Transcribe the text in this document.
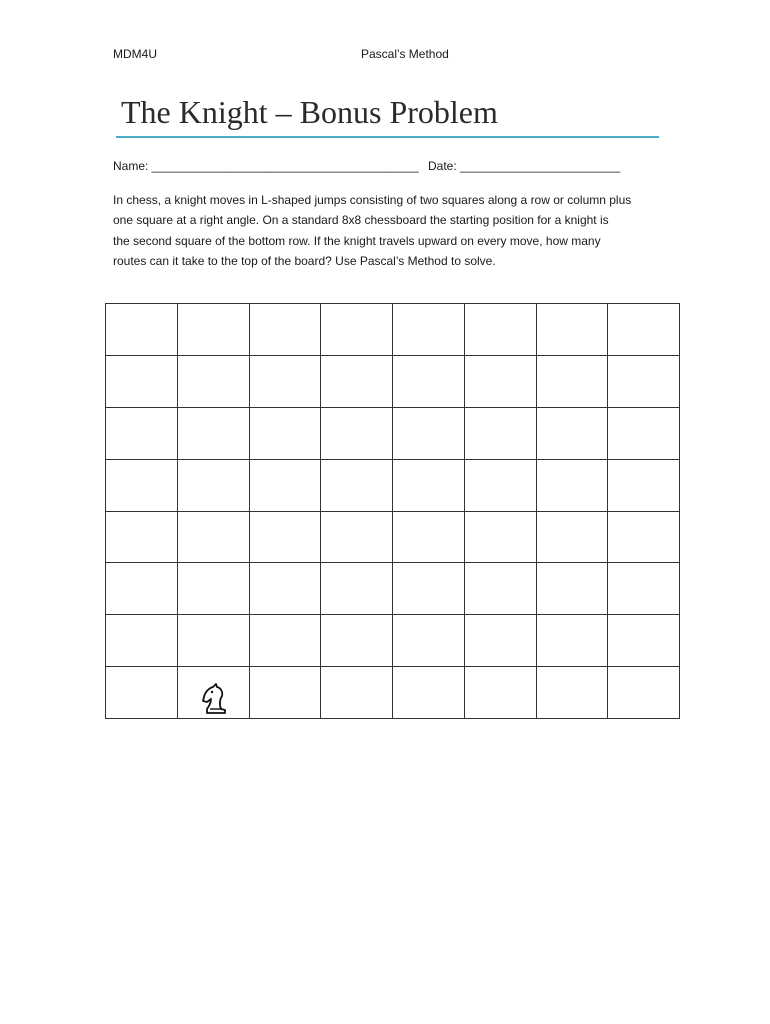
MDM4U	Pascal’s Method
The Knight – Bonus Problem
Name: ________________________________________ Date: ________________________
In chess, a knight moves in L-shaped jumps consisting of two squares along a row or column plus
one square at a right angle. On a standard 8x8 chessboard the starting position for a knight is
the second square of the bottom row. If the knight travels upward on every move, how many
routes can it take to the top of the board? Use Pascal’s Method to solve.
